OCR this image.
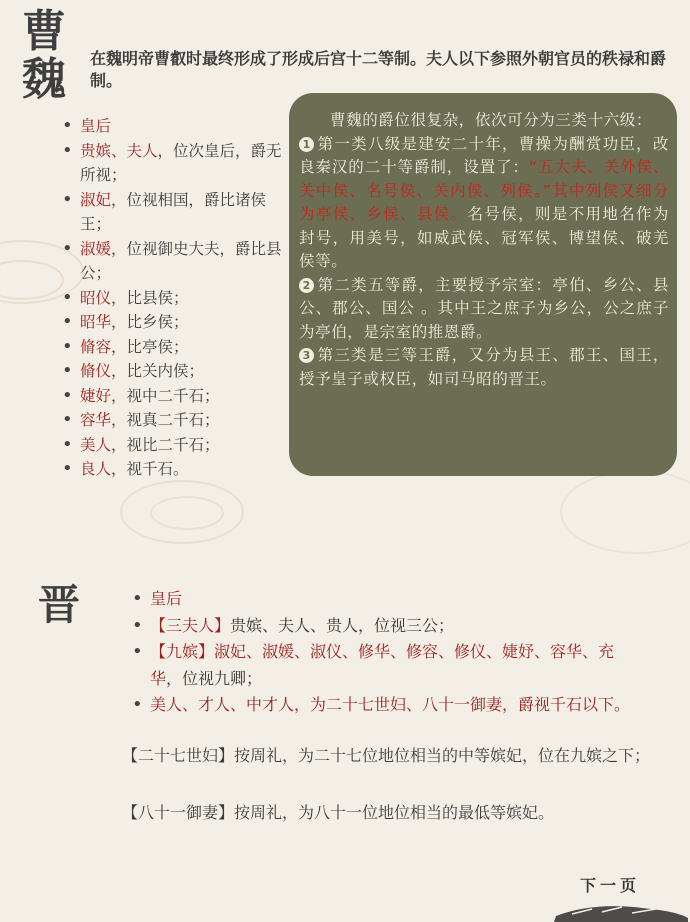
曹
魏 在魏明帝曹叡时最终形成了形成后宫十二等制。夫人以下参照外朝官员的秩禄和爵制。
• 皇后
• 贵嫔、夫人，位次皇后，爵无所视；
• 淑妃，位视相国，爵比诸侯王；
• 淑媛，位视御史大夫，爵比县公；
• 昭仪，比县侯；
• 昭华，比乡侯；
• 脩容，比亭侯；
• 脩仪，比关内侯；
• 婕好，视中二千石；
• 容华，视真二千石；
• 美人，视比二千石；
• 良人，视千石。

曹魏的爵位很复杂，依次可分为三类十六级：

1 第一类八级是建安二十年，曹操为酬赏功臣，改良秦汉的二十等爵制，设置了：“五大夫、关外侯、关中侯、名号侯、关内侯、列侯。”其中列侯又细分为亭侯、乡侯、县侯。名号侯，则是不用地名作为封号，用美号，如威武侯、冠军侯、博望侯、破羌侯等。

2 第二类五等爵，主要授予宗室：亭伯、乡公、县公、郡公、国公 。其中王之庶子为乡公，公之庶子为亭伯，是宗室的推恩爵。

3 第三类是三等王爵，又分为县王、郡王、国王，授予皇子或权臣，如司马昭的晋王。

晋
•	皇后
• 【三夫人】贵嫔、夫人、贵人，位视三公；
• 【九嫔】淑妃、淑媛、淑仪、修华、修容、修仪、婕妤、容华、充华，位视九卿；
• 美人、才人、中才人，为二十七世妇、八十一御妻，爵视千石以下。

【二十七世妇】按周礼，为二十七位地位相当的中等嫔妃，位在九嫔之下；

【八十一御妻】按周礼，为八十一位地位相当的最低等嫔妃。

下一页
